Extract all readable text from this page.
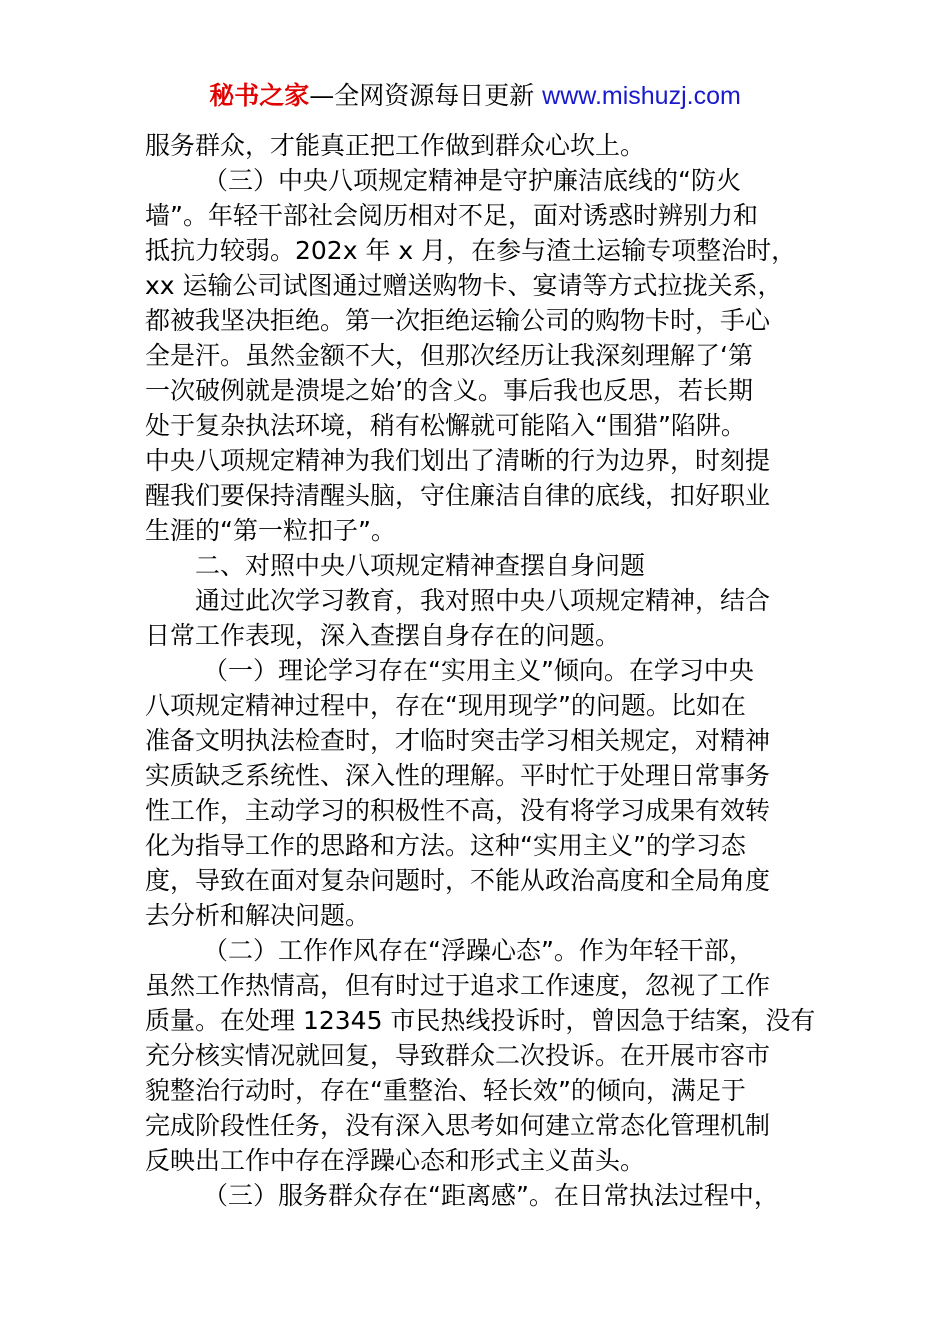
秘书之家—全网资源每日更新 www.mishuzj.com
服务群众，才能真正把工作做到群众心坎上。
（三）中央八项规定精神是守护廉洁底线的“防火
墙”。年轻干部社会阅历相对不足，面对诱惑时辨别力和
抵抗力较弱。202x 年 x 月，在参与渣土运输专项整治时，
xx 运输公司试图通过赠送购物卡、宴请等方式拉拢关系，
都被我坚决拒绝。第一次拒绝运输公司的购物卡时，手心
全是汗。虽然金额不大，但那次经历让我深刻理解了‘第
一次破例就是溃堤之始’的含义。事后我也反思，若长期
处于复杂执法环境，稍有松懈就可能陷入“围猎”陷阱。
中央八项规定精神为我们划出了清晰的行为边界，时刻提
醒我们要保持清醒头脑，守住廉洁自律的底线，扣好职业
生涯的“第一粒扣子”。
二、对照中央八项规定精神查摆自身问题
通过此次学习教育，我对照中央八项规定精神，结合
日常工作表现，深入查摆自身存在的问题。
（一）理论学习存在“实用主义”倾向。在学习中央
八项规定精神过程中，存在“现用现学”的问题。比如在
准备文明执法检查时，才临时突击学习相关规定，对精神
实质缺乏系统性、深入性的理解。平时忙于处理日常事务
性工作，主动学习的积极性不高，没有将学习成果有效转
化为指导工作的思路和方法。这种“实用主义”的学习态
度，导致在面对复杂问题时，不能从政治高度和全局角度
去分析和解决问题。
（二）工作作风存在“浮躁心态”。作为年轻干部，
虽然工作热情高，但有时过于追求工作速度，忽视了工作
质量。在处理 12345 市民热线投诉时，曾因急于结案，没有
充分核实情况就回复，导致群众二次投诉。在开展市容市
貌整治行动时，存在“重整治、轻长效”的倾向，满足于
完成阶段性任务，没有深入思考如何建立常态化管理机制
反映出工作中存在浮躁心态和形式主义苗头。
（三）服务群众存在“距离感”。在日常执法过程中，
